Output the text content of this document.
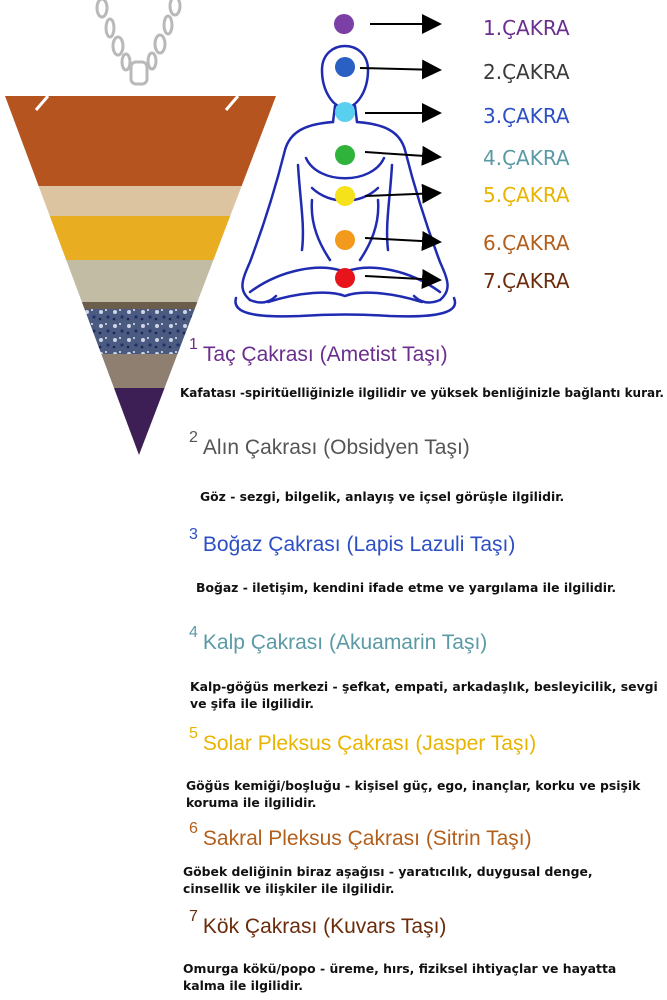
1.ÇAKRA
2.ÇAKRA
3.ÇAKRA
4.ÇAKRA
5.ÇAKRA
6.ÇAKRA
7.ÇAKRA
$^1$ Taç Çakrası (Ametist Taşı)
Kafatası -spiritüelliğinizle ilgilidir ve yüksek benliğinizle bağlantı kurar.
$^2$ Alın Çakrası (Obsidyen Taşı)
Göz - sezgi, bilgelik, anlayış ve içsel görüşle ilgilidir.
$^3$ Boğaz Çakrası (Lapis Lazuli Taşı)
Boğaz - iletişim, kendini ifade etme ve yargılama ile ilgilidir.
$^4$ Kalp Çakrası (Akuamarin Taşı)
Kalp-göğüs merkezi - şefkat, empati, arkadaşlık, besleyicilik, sevgi ve şifa ile ilgilidir.
$^5$ Solar Pleksus Çakrası (Jasper Taşı)
Göğüs kemiği/boşluğu - kişisel güç, ego, inançlar, korku ve psişik koruma ile ilgilidir.
$^6$ Sakral Pleksus Çakrası (Sitrin Taşı)
Göbek deliğinin biraz aşağısı - yaratıcılık, duygusal denge, cinsellik ve ilişkiler ile ilgilidir.
$^7$ Kök Çakrası (Kuvars Taşı)
Omurga kökü/popo - üreme, hırs, fiziksel ihtiyaçlar ve hayatta kalma ile ilgilidir.
